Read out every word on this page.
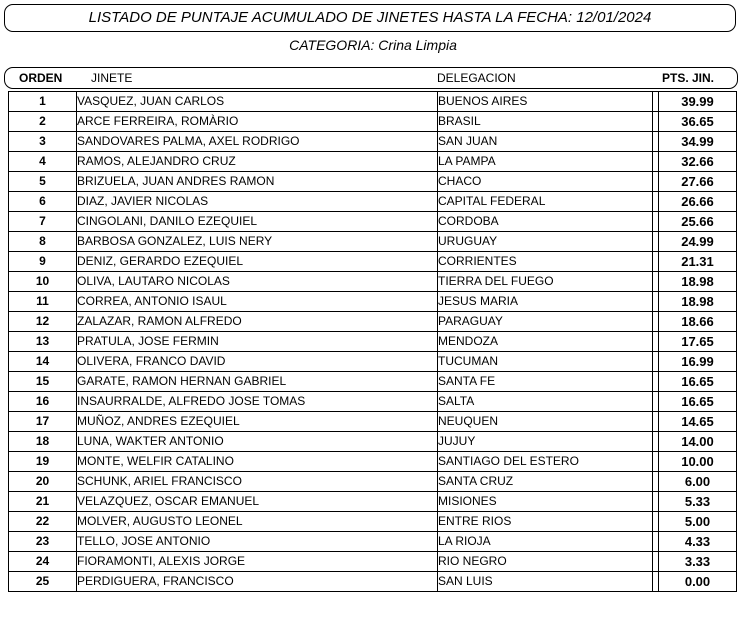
LISTADO DE PUNTAJE ACUMULADO DE JINETES HASTA LA FECHA: 12/01/2024
CATEGORIA: Crina Limpia
ORDEN JINETE	DELEGACION	PTS. JIN.
1	VASQUEZ, JUAN CARLOS	BUENOS AIRES		39.99
2	ARCE FERREIRA, ROMÀRIO	BRASIL		36.65
3	SANDOVARES PALMA, AXEL RODRIGO	SAN JUAN		34.99
4	RAMOS, ALEJANDRO CRUZ	LA PAMPA		32.66
5	BRIZUELA, JUAN ANDRES RAMON	CHACO		27.66
6	DIAZ, JAVIER NICOLAS	CAPITAL FEDERAL		26.66
7	CINGOLANI, DANILO EZEQUIEL	CORDOBA		25.66
8	BARBOSA GONZALEZ, LUIS NERY	URUGUAY		24.99
9	DENIZ, GERARDO EZEQUIEL	CORRIENTES		21.31
10	OLIVA, LAUTARO NICOLAS	TIERRA DEL FUEGO		18.98
11	CORREA, ANTONIO ISAUL	JESUS MARIA		18.98
12	ZALAZAR, RAMON ALFREDO	PARAGUAY		18.66
13	PRATULA, JOSE FERMIN	MENDOZA		17.65
14	OLIVERA, FRANCO DAVID	TUCUMAN		16.99
15	GARATE, RAMON HERNAN GABRIEL	SANTA FE		16.65
16	INSAURRALDE, ALFREDO JOSE TOMAS	SALTA		16.65
17	MUÑOZ, ANDRES EZEQUIEL	NEUQUEN		14.65
18	LUNA, WAKTER ANTONIO	JUJUY		14.00
19	MONTE, WELFIR CATALINO	SANTIAGO DEL ESTERO		10.00
20	SCHUNK, ARIEL FRANCISCO	SANTA CRUZ		6.00
21	VELAZQUEZ, OSCAR EMANUEL	MISIONES		5.33
22	MOLVER, AUGUSTO LEONEL	ENTRE RIOS		5.00
23	TELLO, JOSE ANTONIO	LA RIOJA		4.33
24	FIORAMONTI, ALEXIS JORGE	RIO NEGRO		3.33
25	PERDIGUERA, FRANCISCO	SAN LUIS		0.00
